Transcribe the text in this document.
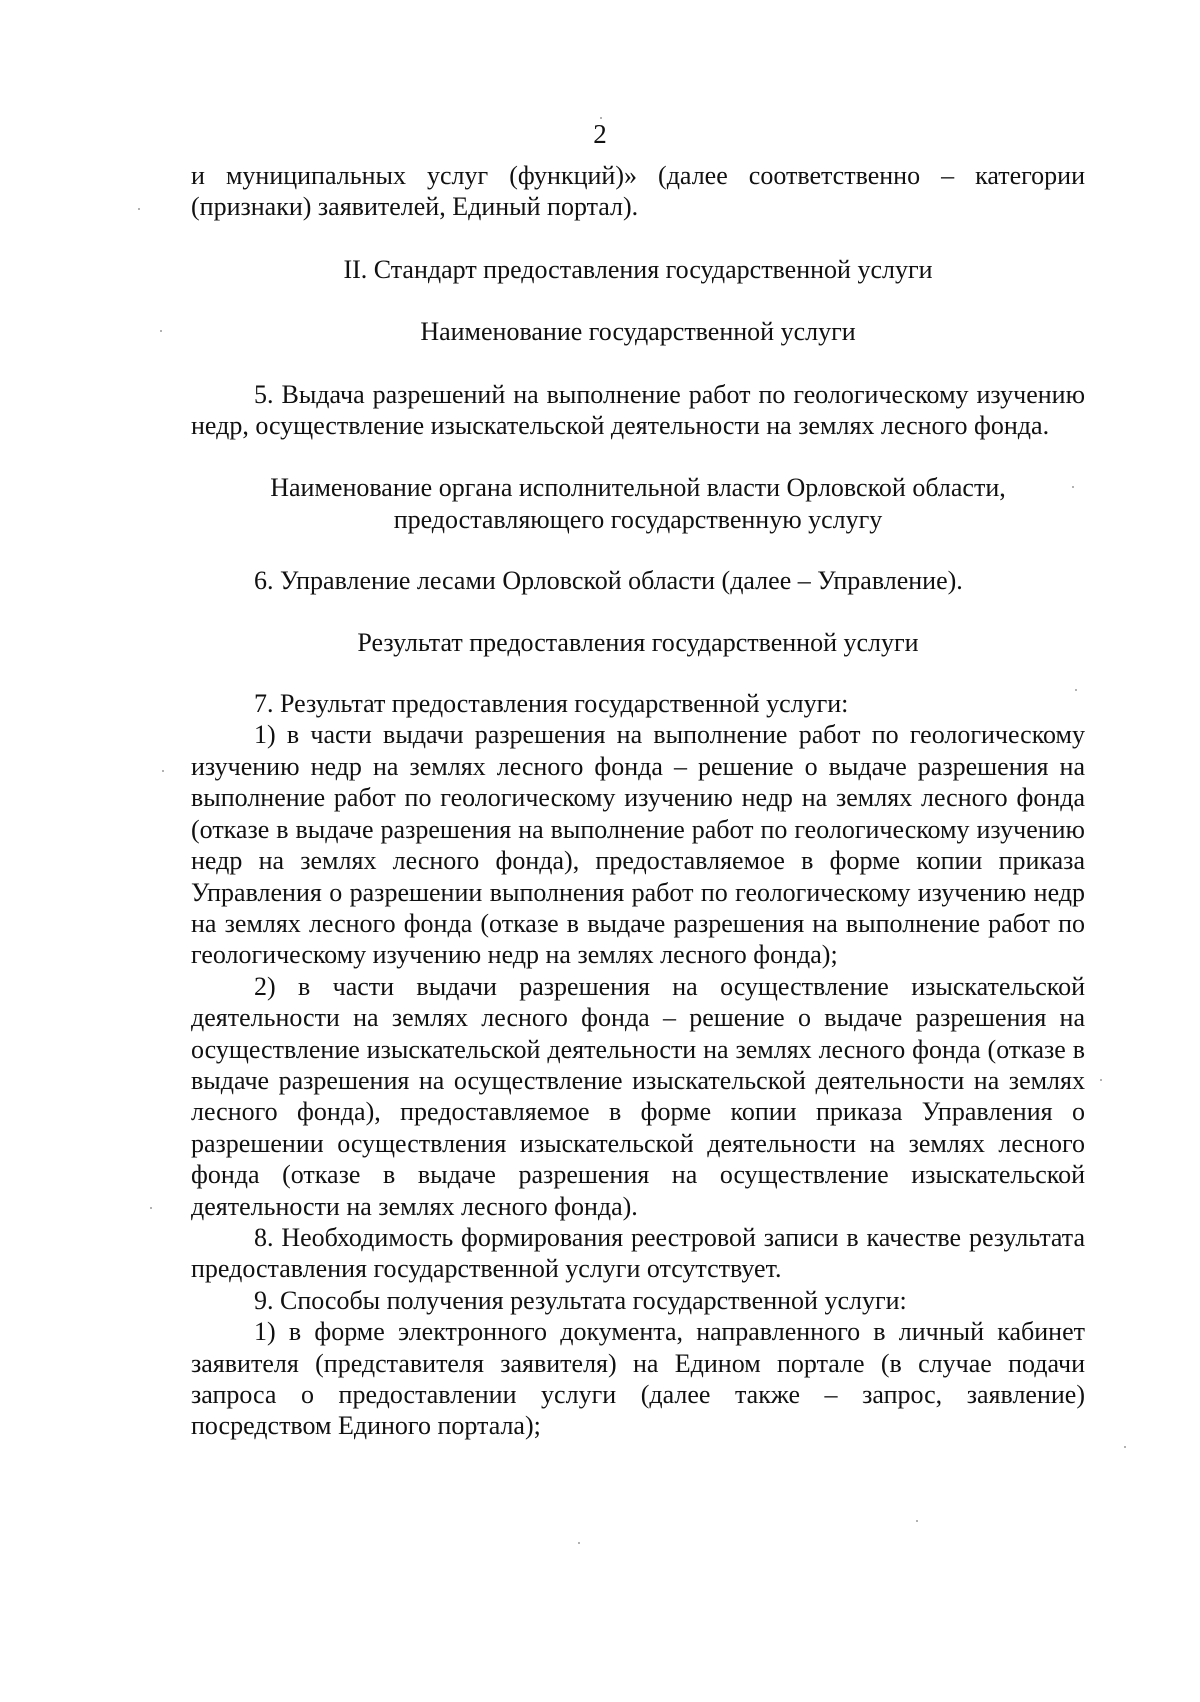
2

и муниципальных услуг (функций)» (далее соответственно – категории (признаки) заявителей, Единый портал).

II. Стандарт предоставления государственной услуги

Наименование государственной услуги

5. Выдача разрешений на выполнение работ по геологическому изучению недр, осуществление изыскательской деятельности на землях лесного фонда.

Наименование органа исполнительной власти Орловской области,

предоставляющего государственную услугу

6. Управление лесами Орловской области (далее – Управление).

Результат предоставления государственной услуги

7. Результат предоставления государственной услуги:

1) в части выдачи разрешения на выполнение работ по геологическому изучению недр на землях лесного фонда – решение о выдаче разрешения на выполнение работ по геологическому изучению недр на землях лесного фонда (отказе в выдаче разрешения на выполнение работ по геологическому изучению недр на землях лесного фонда), предоставляемое в форме копии приказа Управления о разрешении выполнения работ по геологическому изучению недр на землях лесного фонда (отказе в выдаче разрешения на выполнение работ по геологическому изучению недр на землях лесного фонда);

2) в части выдачи разрешения на осуществление изыскательской деятельности на землях лесного фонда – решение о выдаче разрешения на осуществление изыскательской деятельности на землях лесного фонда (отказе в выдаче разрешения на осуществление изыскательской деятельности на землях лесного фонда), предоставляемое в форме копии приказа Управления о разрешении осуществления изыскательской деятельности на землях лесного фонда (отказе в выдаче разрешения на осуществление изыскательской деятельности на землях лесного фонда).

8. Необходимость формирования реестровой записи в качестве результата предоставления государственной услуги отсутствует.

9. Способы получения результата государственной услуги:

1) в форме электронного документа, направленного в личный кабинет заявителя (представителя заявителя) на Едином портале (в случае подачи запроса о предоставлении услуги (далее также – запрос, заявление) посредством Единого портала);
